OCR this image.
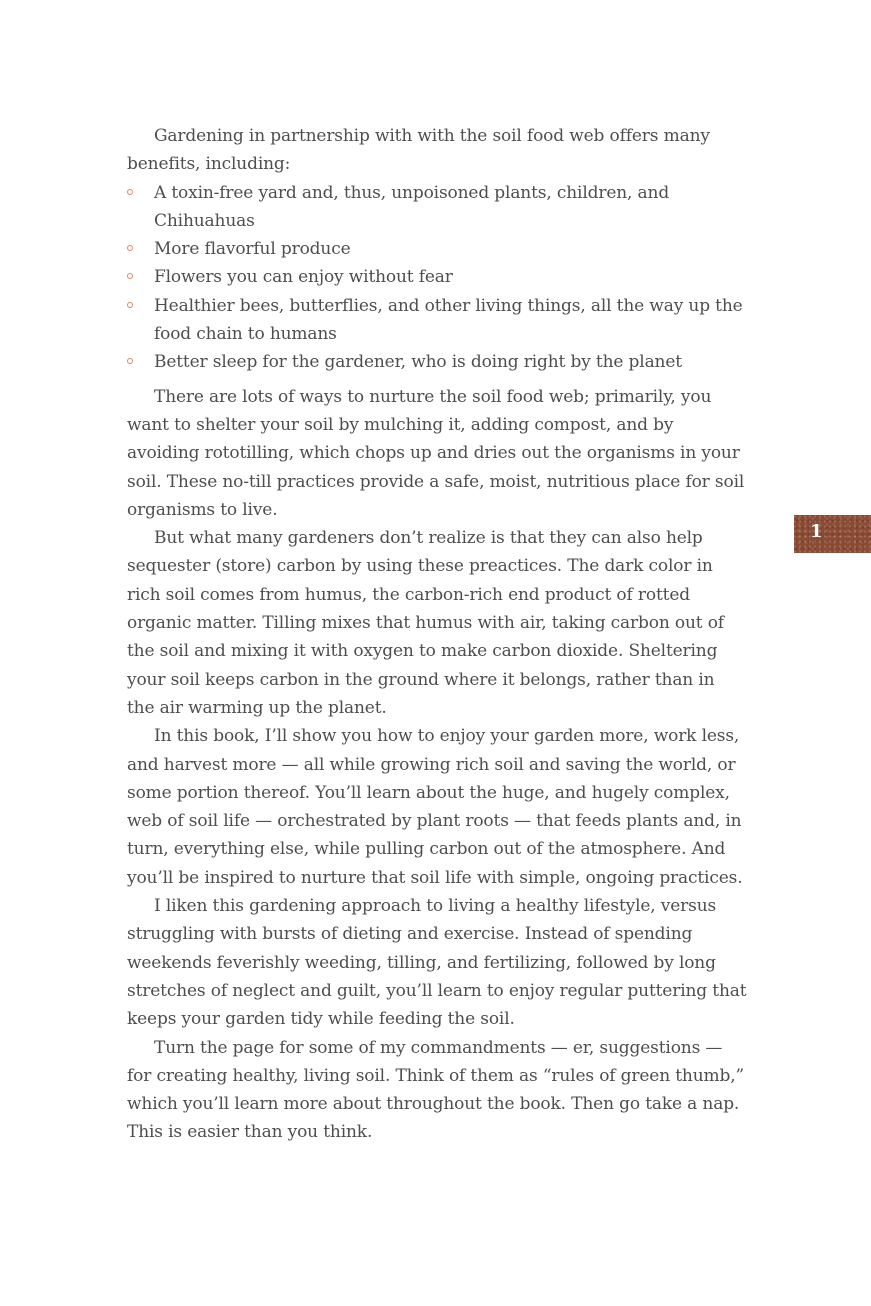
Gardening in partnership with with the soil food web offers many benefits, including:

A toxin-free yard and, thus, unpoisoned plants, children, and Chihuahuas
More flavorful produce
Flowers you can enjoy without fear
Healthier bees, butterflies, and other living things, all the way up the food chain to humans
Better sleep for the gardener, who is doing right by the planet

There are lots of ways to nurture the soil food web; primarily, you want to shelter your soil by mulching it, adding compost, and by avoiding rototilling, which chops up and dries out the organisms in your soil. These no-till practices provide a safe, moist, nutritious place for soil organisms to live.

But what many gardeners don’t realize is that they can also help sequester (store) carbon by using these preactices. The dark color in rich soil comes from humus, the carbon-rich end product of rotted organic matter. Tilling mixes that humus with air, taking carbon out of the soil and mixing it with oxygen to make carbon dioxide. Sheltering your soil keeps carbon in the ground where it belongs, rather than in the air warming up the planet.

In this book, I’ll show you how to enjoy your garden more, work less, and harvest more — all while growing rich soil and saving the world, or some portion thereof. You’ll learn about the huge, and hugely complex, web of soil life — orchestrated by plant roots — that feeds plants and, in turn, everything else, while pulling carbon out of the atmosphere. And you’ll be inspired to nurture that soil life with simple, ongoing practices.

I liken this gardening approach to living a healthy lifestyle, versus struggling with bursts of dieting and exercise. Instead of spending weekends feverishly weeding, tilling, and fertilizing, followed by long stretches of neglect and guilt, you’ll learn to enjoy regular puttering that keeps your garden tidy while feeding the soil.

Turn the page for some of my commandments — er, suggestions — for creating healthy, living soil. Think of them as “rules of green thumb,” which you’ll learn more about throughout the book. Then go take a nap. This is easier than you think.

1
